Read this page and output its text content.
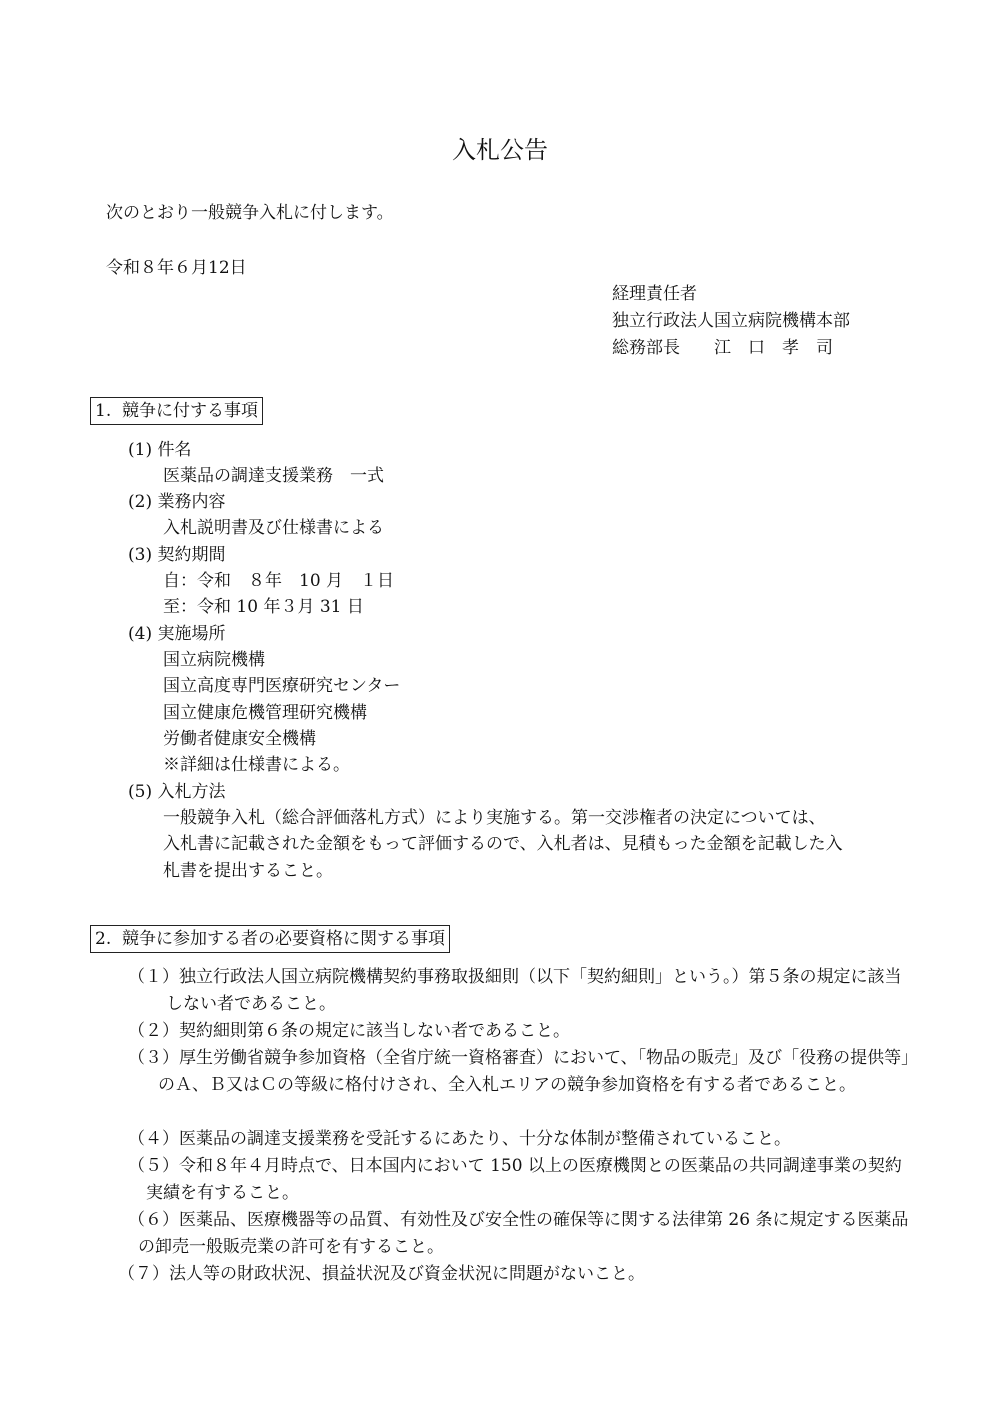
入札公告
次のとおり一般競争入札に付します。
令和８年６月12日
経理責任者
独立行政法人国立病院機構本部
総務部長　　江　口　孝　司
1.  競争に付する事項
(1) 件名
医薬品の調達支援業務　一式
(2) 業務内容
入札説明書及び仕様書による
(3) 契約期間
自：令和　８年　10 月　１日
至：令和 10 年３月 31 日
(4) 実施場所
国立病院機構
国立高度専門医療研究センター
国立健康危機管理研究機構
労働者健康安全機構
※詳細は仕様書による。
(5) 入札方法
一般競争入札（総合評価落札方式）により実施する。第一交渉権者の決定については、
入札書に記載された金額をもって評価するので、入札者は、見積もった金額を記載した入
札書を提出すること。
2.  競争に参加する者の必要資格に関する事項
（１）独立行政法人国立病院機構契約事務取扱細則（以下「契約細則」という。）第５条の規定に該当しない者であること。
（２）契約細則第６条の規定に該当しない者であること。
（３）厚生労働省競争参加資格（全省庁統一資格審査）において、「物品の販売」及び「役務の提供等」のＡ、Ｂ又はＣの等級に格付けされ、全入札エリアの競争参加資格を有する者であること。
（４）医薬品の調達支援業務を受託するにあたり、十分な体制が整備されていること。
（５）令和８年４月時点で、日本国内において 150 以上の医療機関との医薬品の共同調達事業の契約実績を有すること。
（６）医薬品、医療機器等の品質、有効性及び安全性の確保等に関する法律第 26 条に規定する医薬品の卸売一般販売業の許可を有すること。
（７）法人等の財政状況、損益状況及び資金状況に問題がないこと。
